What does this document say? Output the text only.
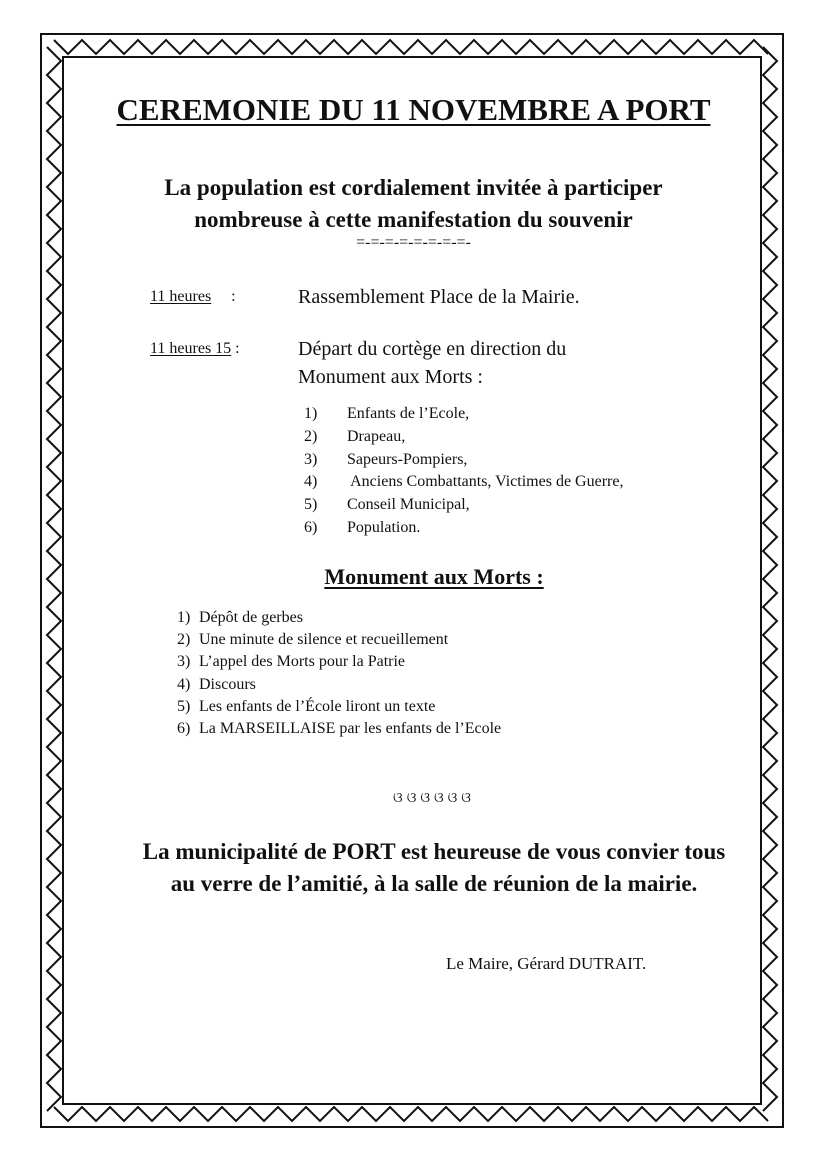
CEREMONIE DU 11 NOVEMBRE A PORT
La population est cordialement invitée à participer
nombreuse à cette manifestation du souvenir
=-=-=-=-=-=-=-=-
11 heures :	Rassemblement Place de la Mairie.
11 heures 15 :	Départ du cortège en direction du
Monument aux Morts :
1) Enfants de l’Ecole,
2) Drapeau,
3) Sapeurs-Pompiers,
4) Anciens Combattants, Victimes de Guerre,
5) Conseil Municipal,
6) Population.
Monument aux Morts :
1) Dépôt de gerbes
2) Une minute de silence et recueillement
3) L’appel des Morts pour la Patrie
4) Discours
5) Les enfants de l’École liront un texte
6) La MARSEILLAISE par les enfants de l’Ecole
ଓଓଓଓଓଓ
La municipalité de PORT est heureuse de vous convier tous
au verre de l’amitié, à la salle de réunion de la mairie.
Le Maire, Gérard DUTRAIT.
